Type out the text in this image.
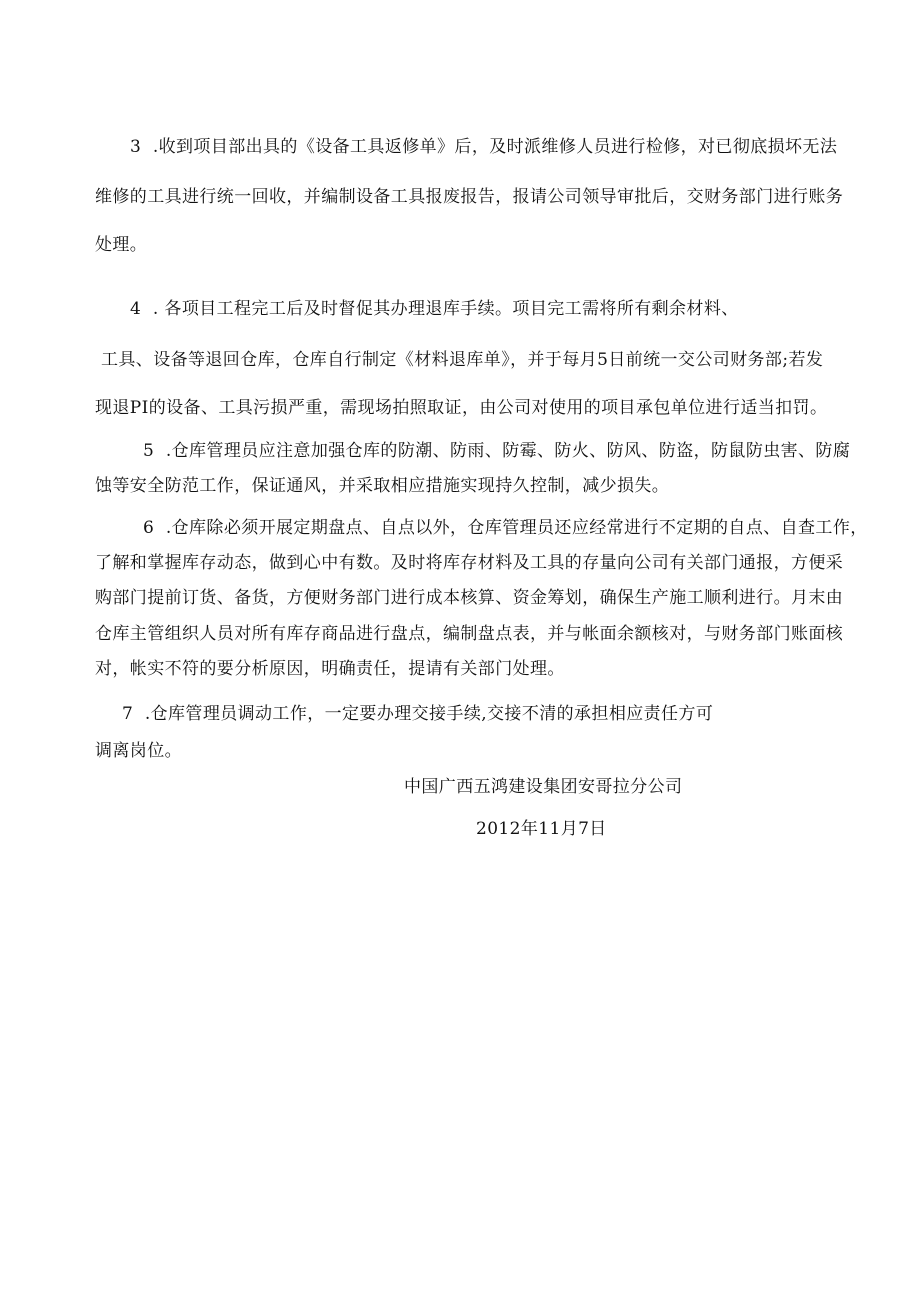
3 .收到项目部出具的《设备工具返修单》后，及时派维修人员进行检修，对已彻底损坏无法
维修的工具进行统一回收，并编制设备工具报废报告，报请公司领导审批后，交财务部门进行账务
处理。
4 . 各项目工程完工后及时督促其办理退库手续。项目完工需将所有剩余材料、
工具、设备等退回仓库，仓库自行制定《材料退库单》，并于每月5日前统一交公司财务部;若发
现退PI的设备、工具污损严重，需现场拍照取证，由公司对使用的项目承包单位进行适当扣罚。
5 .仓库管理员应注意加强仓库的防潮、防雨、防霉、防火、防风、防盗，防鼠防虫害、防腐
蚀等安全防范工作，保证通风，并采取相应措施实现持久控制，减少损失。
6 .仓库除必须开展定期盘点、自点以外，仓库管理员还应经常进行不定期的自点、自查工作，
了解和掌握库存动态，做到心中有数。及时将库存材料及工具的存量向公司有关部门通报，方便采
购部门提前订货、备货，方便财务部门进行成本核算、资金筹划，确保生产施工顺利进行。月末由
仓库主管组织人员对所有库存商品进行盘点，编制盘点表，并与帐面余额核对，与财务部门账面核
对，帐实不符的要分析原因，明确责任，提请有关部门处理。
7 .仓库管理员调动工作，一定要办理交接手续,交接不清的承担相应责任方可
调离岗位。
中国广西五鸿建设集团安哥拉分公司
2012年11月7日
